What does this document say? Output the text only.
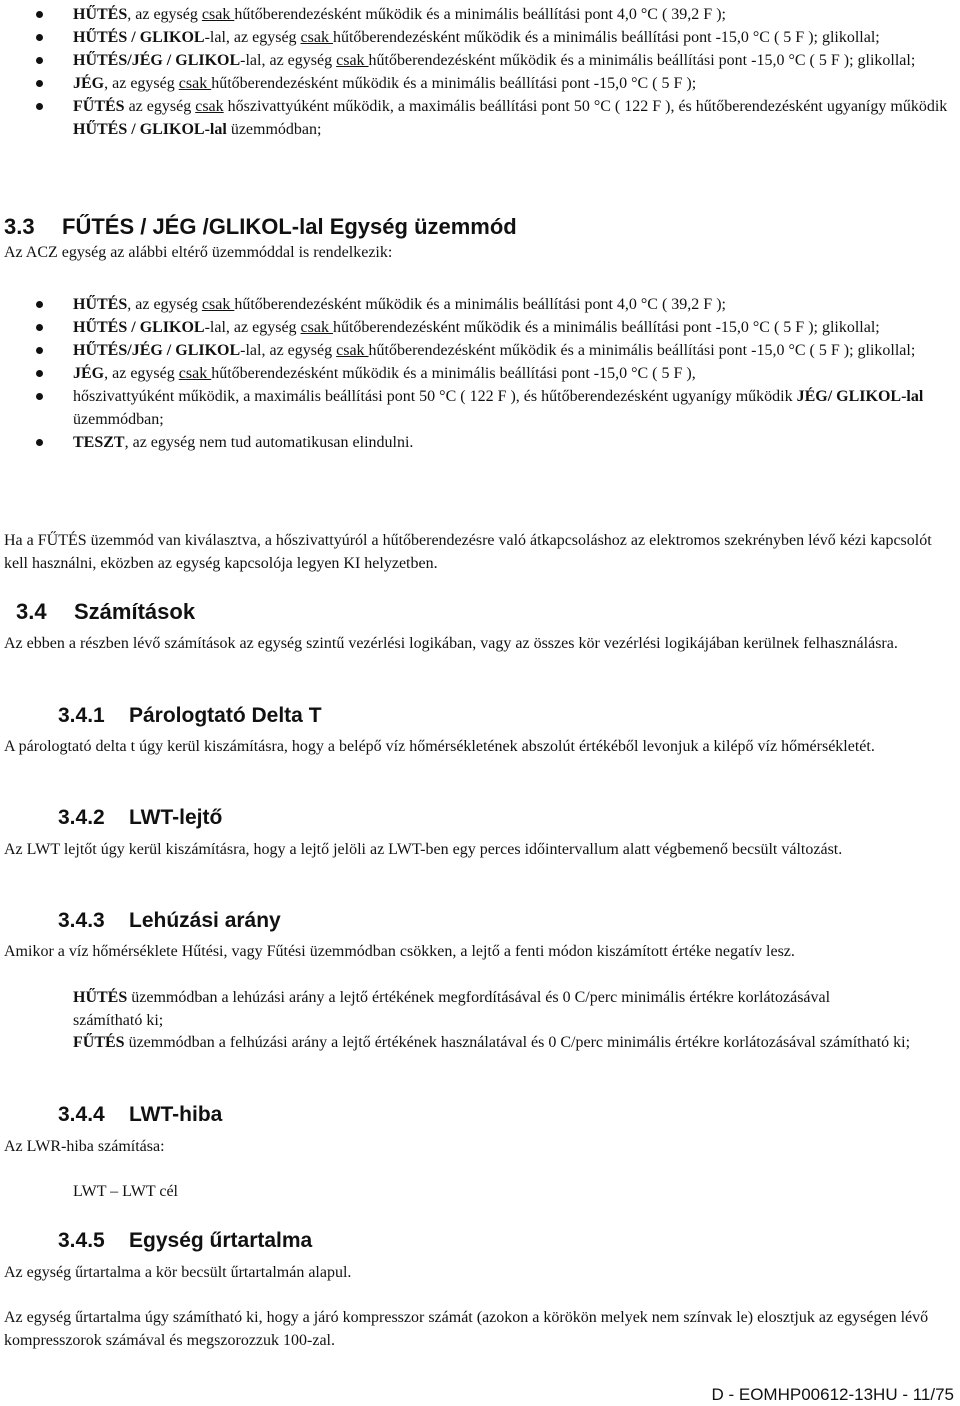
HŰTÉS, az egység csak hűtőberendezésként működik és a minimális beállítási pont 4,0 °C ( 39,2 F );
HŰTÉS / GLIKOL-lal, az egység csak hűtőberendezésként működik és a minimális beállítási pont -15,0 °C ( 5 F ); glikollal;
HŰTÉS/JÉG / GLIKOL-lal, az egység csak hűtőberendezésként működik és a minimális beállítási pont -15,0 °C ( 5 F ); glikollal;
JÉG, az egység csak hűtőberendezésként működik és a minimális beállítási pont -15,0 °C ( 5 F );
FŰTÉS az egység csak hőszivattyúként működik, a maximális beállítási pont 50 °C ( 122 F ), és hűtőberendezésként ugyanígy működik HŰTÉS / GLIKOL-lal üzemmódban;
3.3 FŰTÉS / JÉG /GLIKOL-lal Egység üzemmód

Az ACZ egység az alábbi eltérő üzemmóddal is rendelkezik:

HŰTÉS, az egység csak hűtőberendezésként működik és a minimális beállítási pont 4,0 °C ( 39,2 F );
HŰTÉS / GLIKOL-lal, az egység csak hűtőberendezésként működik és a minimális beállítási pont -15,0 °C ( 5 F ); glikollal;
HŰTÉS/JÉG / GLIKOL-lal, az egység csak hűtőberendezésként működik és a minimális beállítási pont -15,0 °C ( 5 F ); glikollal;
JÉG, az egység csak hűtőberendezésként működik és a minimális beállítási pont -15,0 °C ( 5 F ),
hőszivattyúként működik, a maximális beállítási pont 50 °C ( 122 F ), és hűtőberendezésként ugyanígy működik JÉG/ GLIKOL-lal üzemmódban;
TESZT, az egység nem tud automatikusan elindulni.

Ha a FŰTÉS üzemmód van kiválasztva, a hőszivattyúról a hűtőberendezésre való átkapcsoláshoz az elektromos szekrényben lévő kézi kapcsolót kell használni, eközben az egység kapcsolója legyen KI helyzetben.

3.4 Számítások

Az ebben a részben lévő számítások az egység szintű vezérlési logikában, vagy az összes kör vezérlési logikájában kerülnek felhasználásra.

3.4.1 Párologtató Delta T

A párologtató delta t úgy kerül kiszámításra, hogy a belépő víz hőmérsékletének abszolút értékéből levonjuk a kilépő víz hőmérsékletét.

3.4.2 LWT-lejtő

Az LWT lejtőt úgy kerül kiszámításra, hogy a lejtő jelöli az LWT-ben egy perces időintervallum alatt végbemenő becsült változást.

3.4.3 Lehúzási arány

Amikor a víz hőmérséklete Hűtési, vagy Fűtési üzemmódban csökken, a lejtő a fenti módon kiszámított értéke negatív lesz.

HŰTÉS üzemmódban a lehúzási arány a lejtő értékének megfordításával és 0 C/perc minimális értékre korlátozásával számítható ki;

FŰTÉS üzemmódban a felhúzási arány a lejtő értékének használatával és 0 C/perc minimális értékre korlátozásával számítható ki;

3.4.4 LWT-hiba

Az LWR-hiba számítása:

LWT – LWT cél

3.4.5 Egység űrtartalma

Az egység űrtartalma a kör becsült űrtartalmán alapul.

Az egység űrtartalma úgy számítható ki, hogy a járó kompresszor számát (azokon a körökön melyek nem színvak le) elosztjuk az egységen lévő kompresszorok számával és megszorozzuk 100-zal.

D - EOMHP00612-13HU - 11/75
